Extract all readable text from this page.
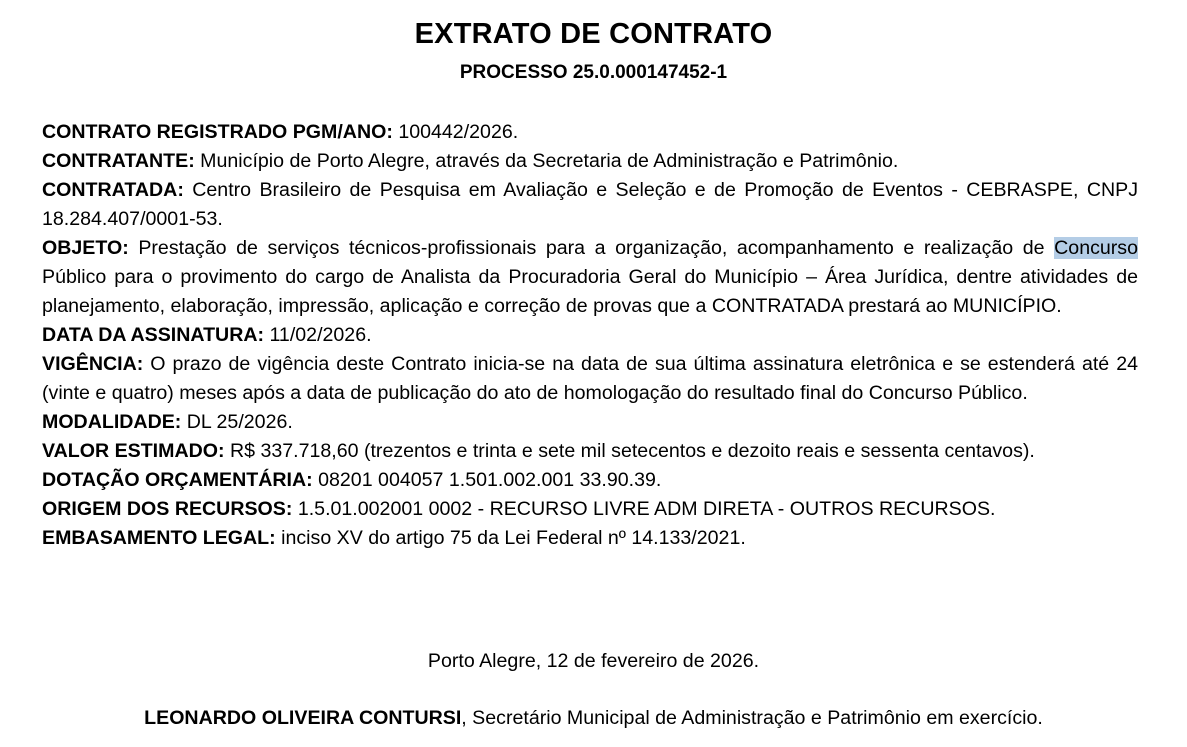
EXTRATO DE CONTRATO
PROCESSO 25.0.000147452-1

CONTRATO REGISTRADO PGM/ANO: 100442/2026.

CONTRATANTE: Município de Porto Alegre, através da Secretaria de Administração e Patrimônio.

CONTRATADA: Centro Brasileiro de Pesquisa em Avaliação e Seleção e de Promoção de Eventos - CEBRASPE, CNPJ 18.284.407/0001-53.

OBJETO: Prestação de serviços técnicos-profissionais para a organização, acompanhamento e realização de Concurso Público para o provimento do cargo de Analista da Procuradoria Geral do Município – Área Jurídica, dentre atividades de planejamento, elaboração, impressão, aplicação e correção de provas que a CONTRATADA prestará ao MUNICÍPIO.

DATA DA ASSINATURA: 11/02/2026.

VIGÊNCIA: O prazo de vigência deste Contrato inicia-se na data de sua última assinatura eletrônica e se estenderá até 24 (vinte e quatro) meses após a data de publicação do ato de homologação do resultado final do Concurso Público.

MODALIDADE: DL 25/2026.

VALOR ESTIMADO: R$ 337.718,60 (trezentos e trinta e sete mil setecentos e dezoito reais e sessenta centavos).

DOTAÇÃO ORÇAMENTÁRIA: 08201 004057 1.501.002.001 33.90.39.

ORIGEM DOS RECURSOS: 1.5.01.002001 0002 - RECURSO LIVRE ADM DIRETA - OUTROS RECURSOS.

EMBASAMENTO LEGAL: inciso XV do artigo 75 da Lei Federal nº 14.133/2021.

Porto Alegre, 12 de fevereiro de 2026.
LEONARDO OLIVEIRA CONTURSI, Secretário Municipal de Administração e Patrimônio em exercício.
